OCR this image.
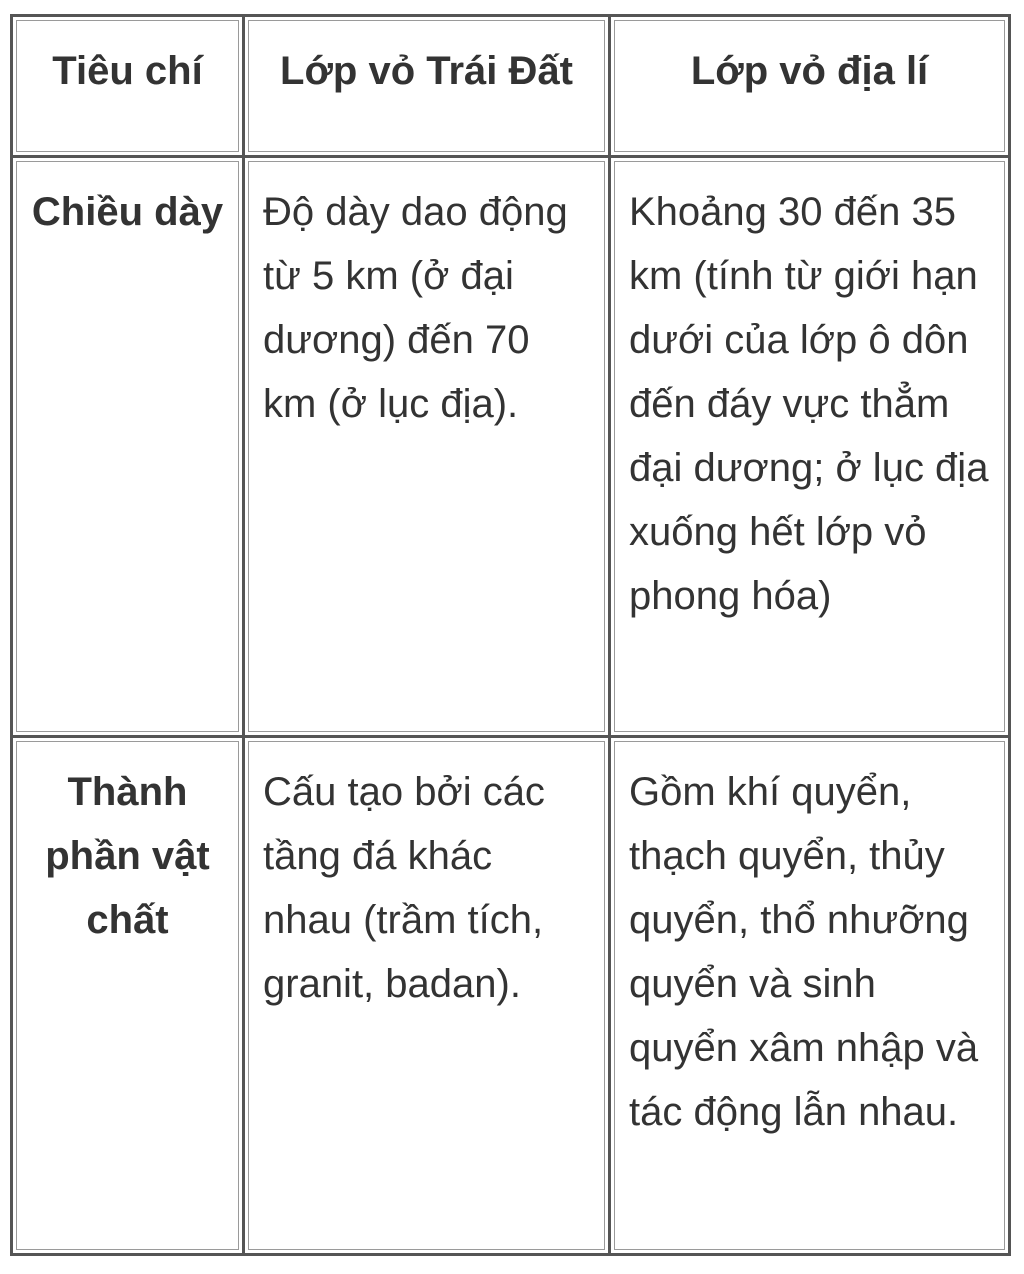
Tiêu chí	Lớp vỏ Trái Đất	Lớp vỏ địa lí
Chiều dày	Độ dày dao động từ 5 km (ở đại dương) đến 70 km (ở lục địa).	Khoảng 30 đến 35 km (tính từ giới hạn dưới của lớp ô dôn đến đáy vực thẳm đại dương; ở lục địa xuống hết lớp vỏ phong hóa)
Thành phần vật chất	Cấu tạo bởi các tầng đá khác nhau (trầm tích, granit, badan).	Gồm khí quyển, thạch quyển, thủy quyển, thổ nhưỡng quyển và sinh quyển xâm nhập và tác động lẫn nhau.
